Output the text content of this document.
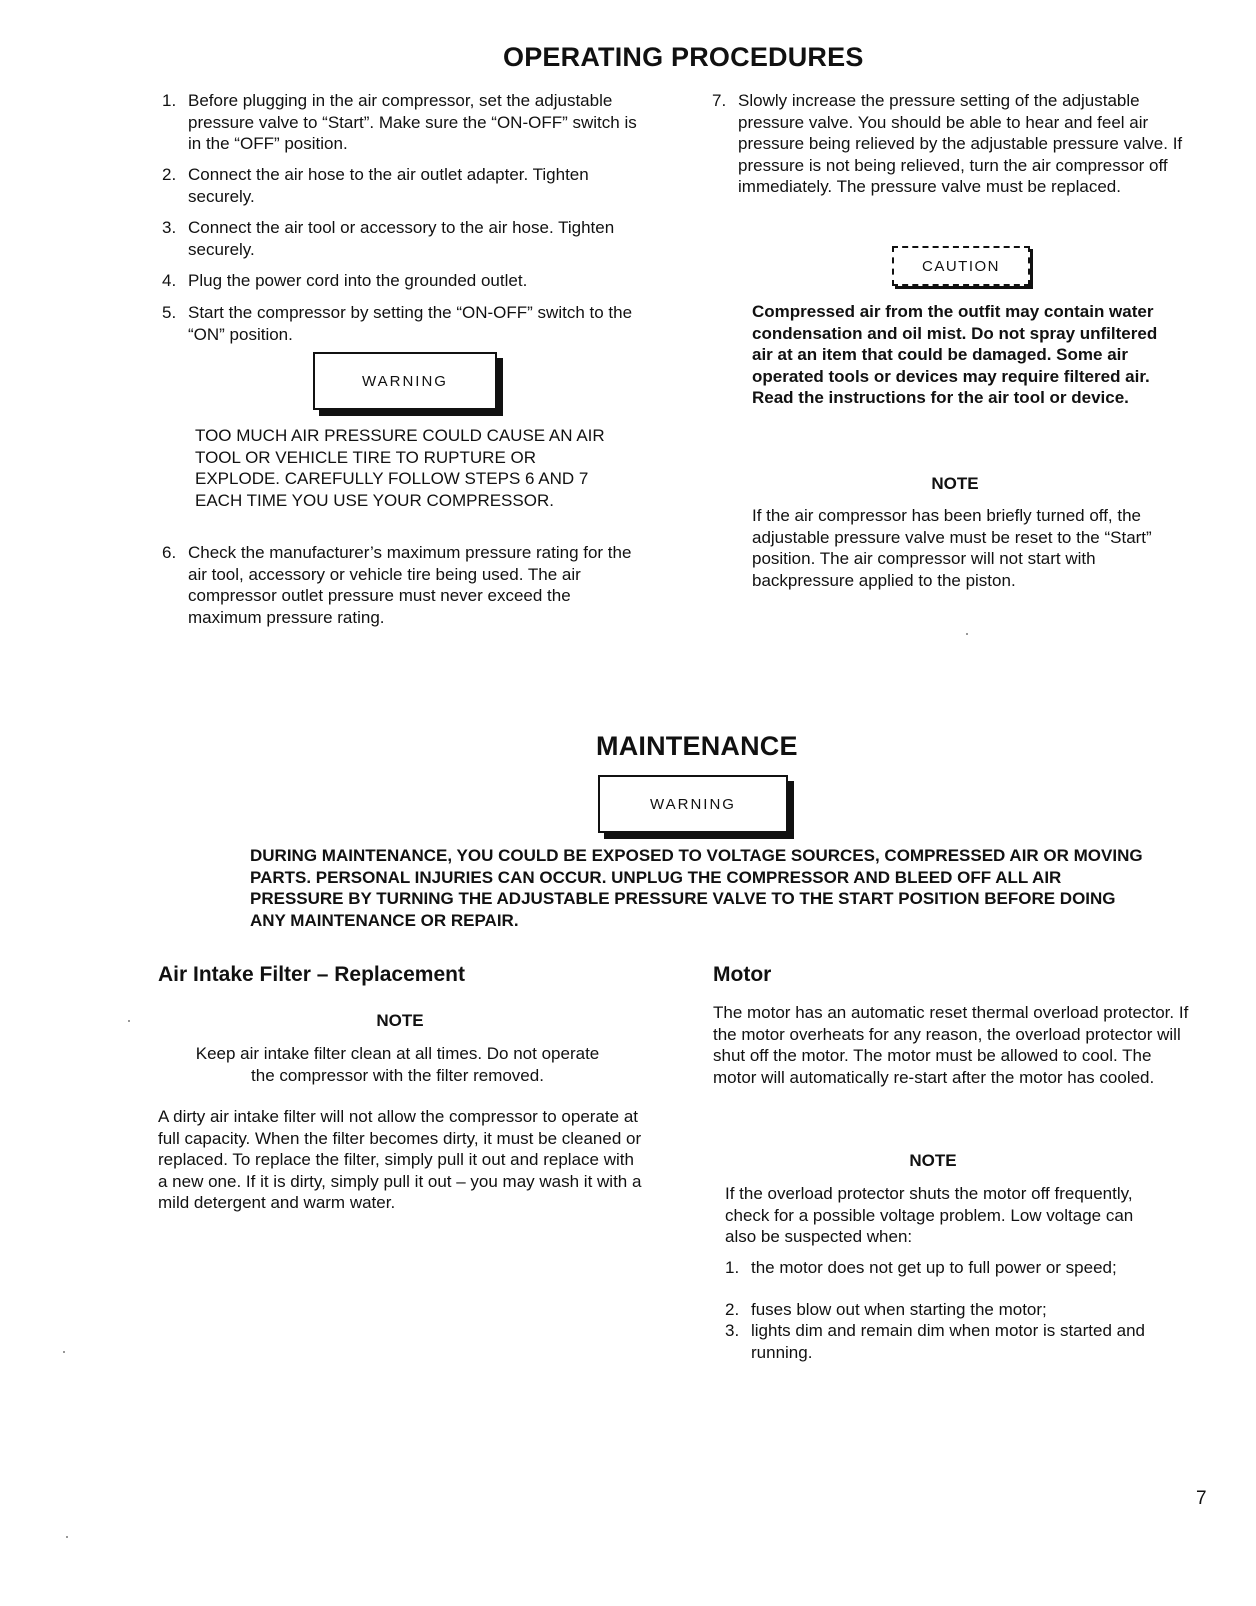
OPERATING PROCEDURES
1. Before plugging in the air compressor, set the adjustable pressure valve to “Start”. Make sure the “ON-OFF” switch is in the “OFF” position.
2. Connect the air hose to the air outlet adapter. Tighten securely.
3. Connect the air tool or accessory to the air hose. Tighten securely.
4. Plug the power cord into the grounded outlet.
5. Start the compressor by setting the “ON-OFF” switch to the “ON” position.
WARNING
TOO MUCH AIR PRESSURE COULD CAUSE AN AIR TOOL OR VEHICLE TIRE TO RUPTURE OR EXPLODE. CAREFULLY FOLLOW STEPS 6 AND 7 EACH TIME YOU USE YOUR COMPRESSOR.
6. Check the manufacturer’s maximum pressure rating for the air tool, accessory or vehicle tire being used. The air compressor outlet pressure must never exceed the maximum pressure rating.
7. Slowly increase the pressure setting of the adjustable pressure valve. You should be able to hear and feel air pressure being relieved by the adjustable pressure valve. If pressure is not being relieved, turn the air compressor off immediately. The pressure valve must be replaced.
CAUTION
Compressed air from the outfit may contain water condensation and oil mist. Do not spray unfiltered air at an item that could be damaged. Some air operated tools or devices may require filtered air. Read the instructions for the air tool or device.
NOTE
If the air compressor has been briefly turned off, the adjustable pressure valve must be reset to the “Start” position. The air compressor will not start with backpressure applied to the piston.
MAINTENANCE
WARNING
DURING MAINTENANCE, YOU COULD BE EXPOSED TO VOLTAGE SOURCES, COMPRESSED AIR OR MOVING PARTS. PERSONAL INJURIES CAN OCCUR. UNPLUG THE COMPRESSOR AND BLEED OFF ALL AIR PRESSURE BY TURNING THE ADJUSTABLE PRESSURE VALVE TO THE START POSITION BEFORE DOING ANY MAINTENANCE OR REPAIR.
Air Intake Filter – Replacement
NOTE
Keep air intake filter clean at all times. Do not operate the compressor with the filter removed.
A dirty air intake filter will not allow the compressor to operate at full capacity. When the filter becomes dirty, it must be cleaned or replaced. To replace the filter, simply pull it out and replace with a new one. If it is dirty, simply pull it out – you may wash it with a mild detergent and warm water.
Motor
The motor has an automatic reset thermal overload protector. If the motor overheats for any reason, the overload protector will shut off the motor. The motor must be allowed to cool. The motor will automatically re-start after the motor has cooled.
NOTE
If the overload protector shuts the motor off frequently, check for a possible voltage problem. Low voltage can also be suspected when:
1. the motor does not get up to full power or speed;
2. fuses blow out when starting the motor;
3. lights dim and remain dim when motor is started and running.
7
